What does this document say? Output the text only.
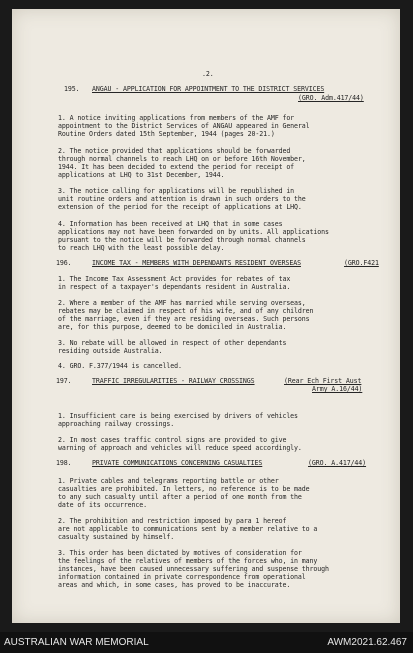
.2.
195. ANGAU - APPLICATION FOR APPOINTMENT TO THE DISTRICT SERVICES
(GRO. Adm.417/44)
1. A notice inviting applications from members of the AMF for
appointment to the District Services of ANGAU appeared in General
Routine Orders dated 15th September, 1944 (pages 20-21.)
2. The notice provided that applications should be forwarded
through normal channels to reach LHQ on or before 16th November,
1944. It has been decided to extend the period for receipt of
applications at LHQ to 31st December, 1944.
3. The notice calling for applications will be republished in
unit routine orders and attention is drawn in such orders to the
extension of the period for the receipt of applications at LHQ.
4. Information has been received at LHQ that in some cases
applications may not have been forwarded on by units. All applications
pursuant to the notice will be forwarded through normal channels
to reach LHQ with the least possible delay.
196.	INCOME TAX - MEMBERS WITH DEPENDANTS RESIDENT OVERSEAS	(GRO.F421
1. The Income Tax Assessment Act provides for rebates of tax
in respect of a taxpayer's dependants resident in Australia.
2. Where a member of the AMF has married while serving overseas,
rebates may be claimed in respect of his wife, and of any children
of the marriage, even if they are residing overseas. Such persons
are, for this purpose, deemed to be domiciled in Australia.
3. No rebate will be allowed in respect of other dependants
residing outside Australia.
4. GRO. F.377/1944 is cancelled.
197.	TRAFFIC IRREGULARITIES - RAILWAY CROSSINGS	(Rear Ech First Aust
Army A.16/44)
1. Insufficient care is being exercised by drivers of vehicles
approaching railway crossings.
2. In most cases traffic control signs are provided to give
warning of approach and vehicles will reduce speed accordingly.
198.	PRIVATE COMMUNICATIONS CONCERNING CASUALTIES	(GRO. A.417/44)
1. Private cables and telegrams reporting battle or other
casualties are prohibited. In letters, no reference is to be made
to any such casualty until after a period of one month from the
date of its occurrence.
2. The prohibition and restriction imposed by para 1 hereof
are not applicable to communications sent by a member relative to a
casualty sustained by himself.
3. This order has been dictated by motives of consideration for
the feelings of the relatives of members of the forces who, in many
instances, have been caused unnecessary suffering and suspense through
information contained in private correspondence from operational
areas and which, in some cases, has proved to be inaccurate.
AUSTRALIAN WAR MEMORIAL	AWM2021.62.467
